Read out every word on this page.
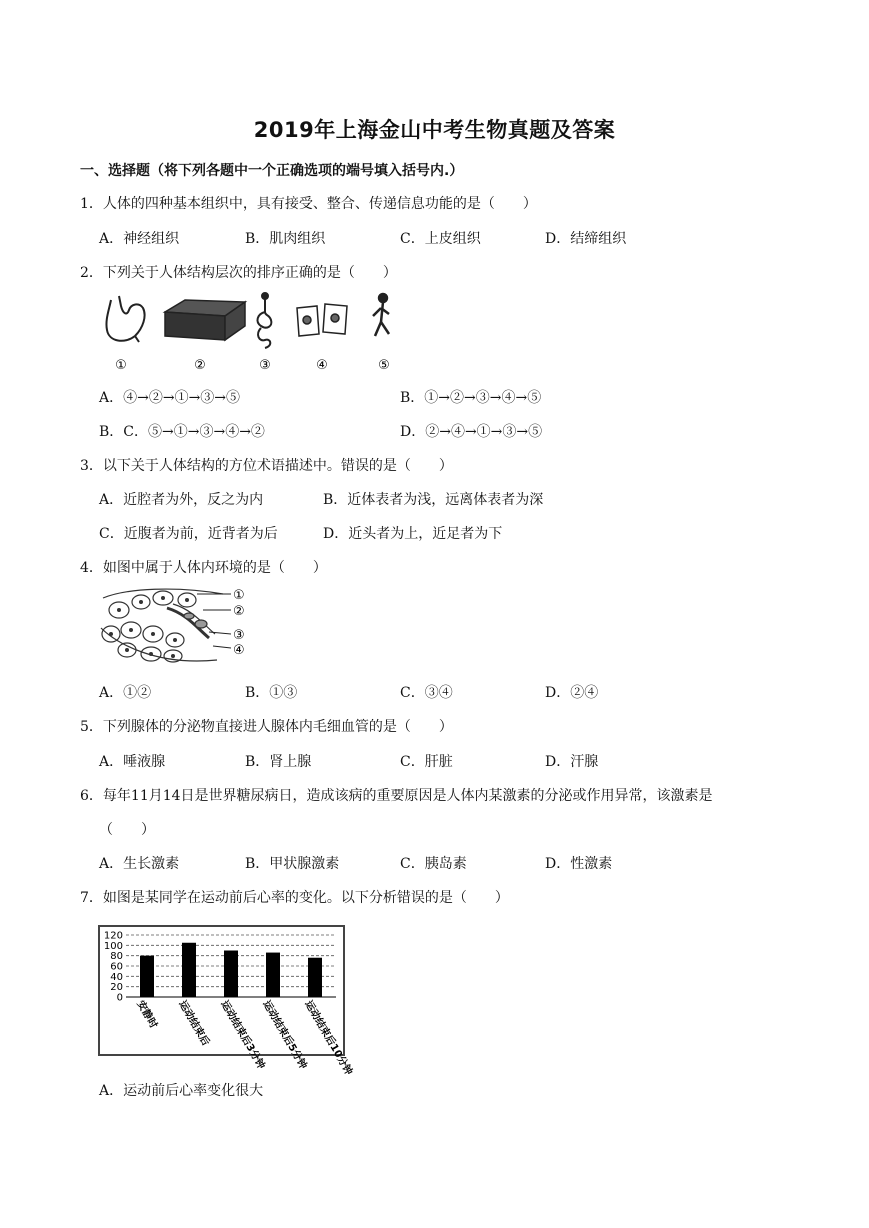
2019年上海金山中考生物真题及答案
一、选择题（将下列各题中一个正确选项的端号填入括号内.）
1．人体的四种基本组织中，具有接受、整合、传递信息功能的是（　　）
A．神经组织	B．肌肉组织	C．上皮组织	D．结缔组织
2．下列关于人体结构层次的排序正确的是（　　）
①	②	③	④	⑤
A．④→②→①→③→⑤	B．①→②→③→④→⑤
B．C．⑤→①→③→④→②	D．②→④→①→③→⑤
3．以下关于人体结构的方位术语描述中。错误的是（　　）
A．近腔者为外，反之为内	B．近体表者为浅，远离体表者为深
C．近腹者为前，近背者为后	D．近头者为上，近足者为下
4．如图中属于人体内环境的是（　　）
①
②
③
④
A．①②	B．①③	C．③④	D．②④
5．下列腺体的分泌物直接进人腺体内毛细血管的是（　　）
A．唾液腺	B．肾上腺	C．肝脏	D．汗腺
6．每年11月14日是世界糖尿病日，造成该病的重要原因是人体内某激素的分泌或作用异常，该激素是
（　　）
A．生长激素	B．甲状腺激素	C．胰岛素	D．性激素
7．如图是某同学在运动前后心率的变化。以下分析错误的是（　　）
120
100
80
60
40
20
0
安静时 运动结束后 运动结束后3分钟
运动结束后5分钟
运动结束后10分钟
A．运动前后心率变化很大
